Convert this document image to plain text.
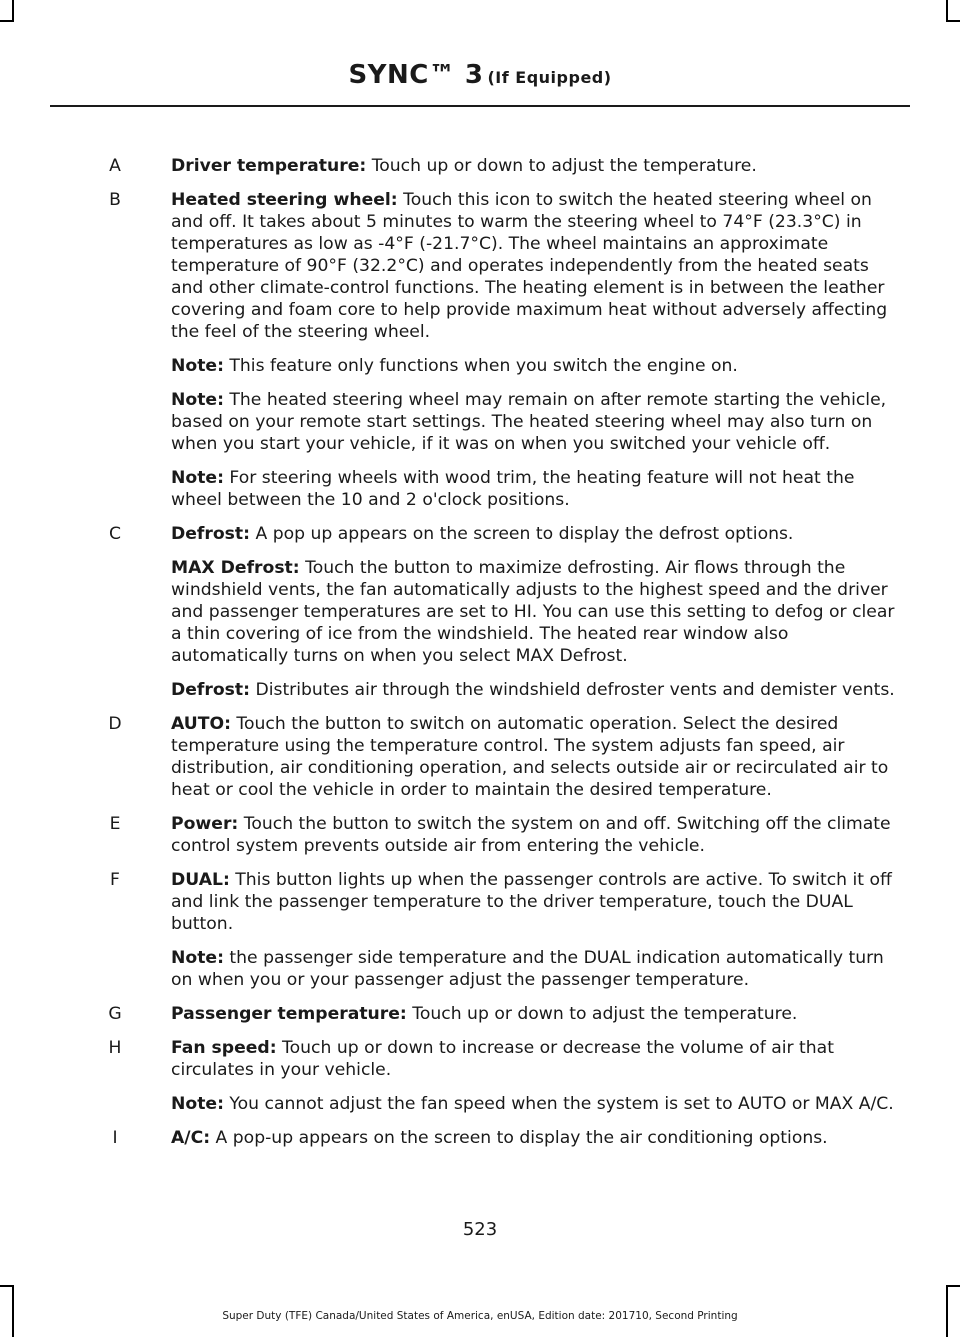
SYNC™ 3 (If Equipped)
A	Driver temperature: Touch up or down to adjust the temperature.

B	Heated steering wheel: Touch this icon to switch the heated steering wheel on and off. It takes about 5 minutes to warm the steering wheel to 74°F (23.3°C) in temperatures as low as -4°F (-21.7°C). The wheel maintains an approximate temperature of 90°F (32.2°C) and operates independently from the heated seats and other climate-control functions. The heating element is in between the leather covering and foam core to help provide maximum heat without adversely affecting the feel of the steering wheel.

Note: This feature only functions when you switch the engine on.

Note: The heated steering wheel may remain on after remote starting the vehicle, based on your remote start settings. The heated steering wheel may also turn on when you start your vehicle, if it was on when you switched your vehicle off.

Note: For steering wheels with wood trim, the heating feature will not heat the wheel between the 10 and 2 o'clock positions.

C	Defrost: A pop up appears on the screen to display the defrost options.

MAX Defrost: Touch the button to maximize defrosting. Air flows through the windshield vents, the fan automatically adjusts to the highest speed and the driver and passenger temperatures are set to HI. You can use this setting to defog or clear a thin covering of ice from the windshield. The heated rear window also automatically turns on when you select MAX Defrost.

Defrost: Distributes air through the windshield defroster vents and demister vents.

D	AUTO: Touch the button to switch on automatic operation. Select the desired temperature using the temperature control. The system adjusts fan speed, air distribution, air conditioning operation, and selects outside air or recirculated air to heat or cool the vehicle in order to maintain the desired temperature.

E	Power: Touch the button to switch the system on and off. Switching off the climate control system prevents outside air from entering the vehicle.

F	DUAL: This button lights up when the passenger controls are active. To switch it off and link the passenger temperature to the driver temperature, touch the DUAL button.

Note: the passenger side temperature and the DUAL indication automatically turn on when you or your passenger adjust the passenger temperature.

G	Passenger temperature: Touch up or down to adjust the temperature.

H	Fan speed: Touch up or down to increase or decrease the volume of air that circulates in your vehicle.

Note: You cannot adjust the fan speed when the system is set to AUTO or MAX A/C.

I	A/C: A pop-up appears on the screen to display the air conditioning options.

523
Super Duty (TFE) Canada/United States of America, enUSA, Edition date: 201710, Second Printing
